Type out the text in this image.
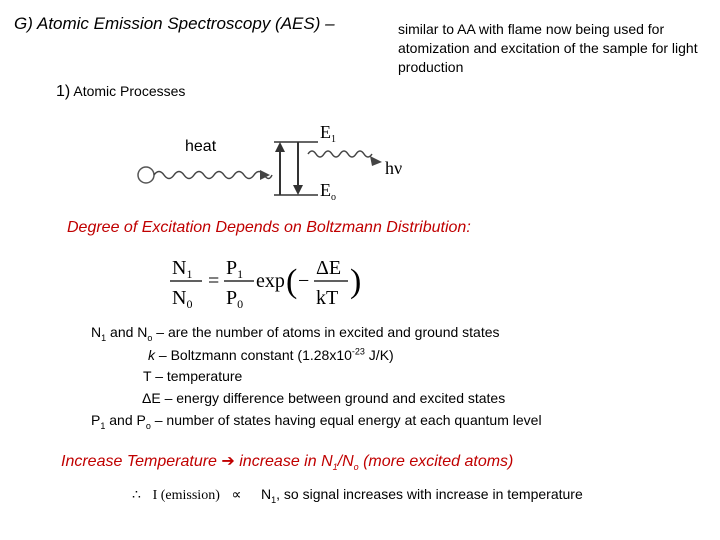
G) Atomic Emission Spectroscopy (AES) –	similar to AA with flame now being used for atomization and excitation of the sample for light production
1) Atomic Processes
heat
$E_1$
$E_o$
hν
Degree of Excitation Depends on Boltzmann Distribution:
$N_1$
$N_0$
=
$P_1$
$P_0$
exp ( −
ΔE
kT )
$N_1$ and $N_o$ – are the number of atoms in excited and ground states
k – Boltzmann constant ($1.28x10^{-23}$ J/K)
T – temperature
ΔE – energy difference between ground and excited states
$P_1$ and $P_o$ – number of states having equal energy at each quantum level
Increase Temperature ➔ increase in $N_1/N_o$ (more excited atoms)
∴ I (emission) ∝ $N_1$, so signal increases with increase in temperature
